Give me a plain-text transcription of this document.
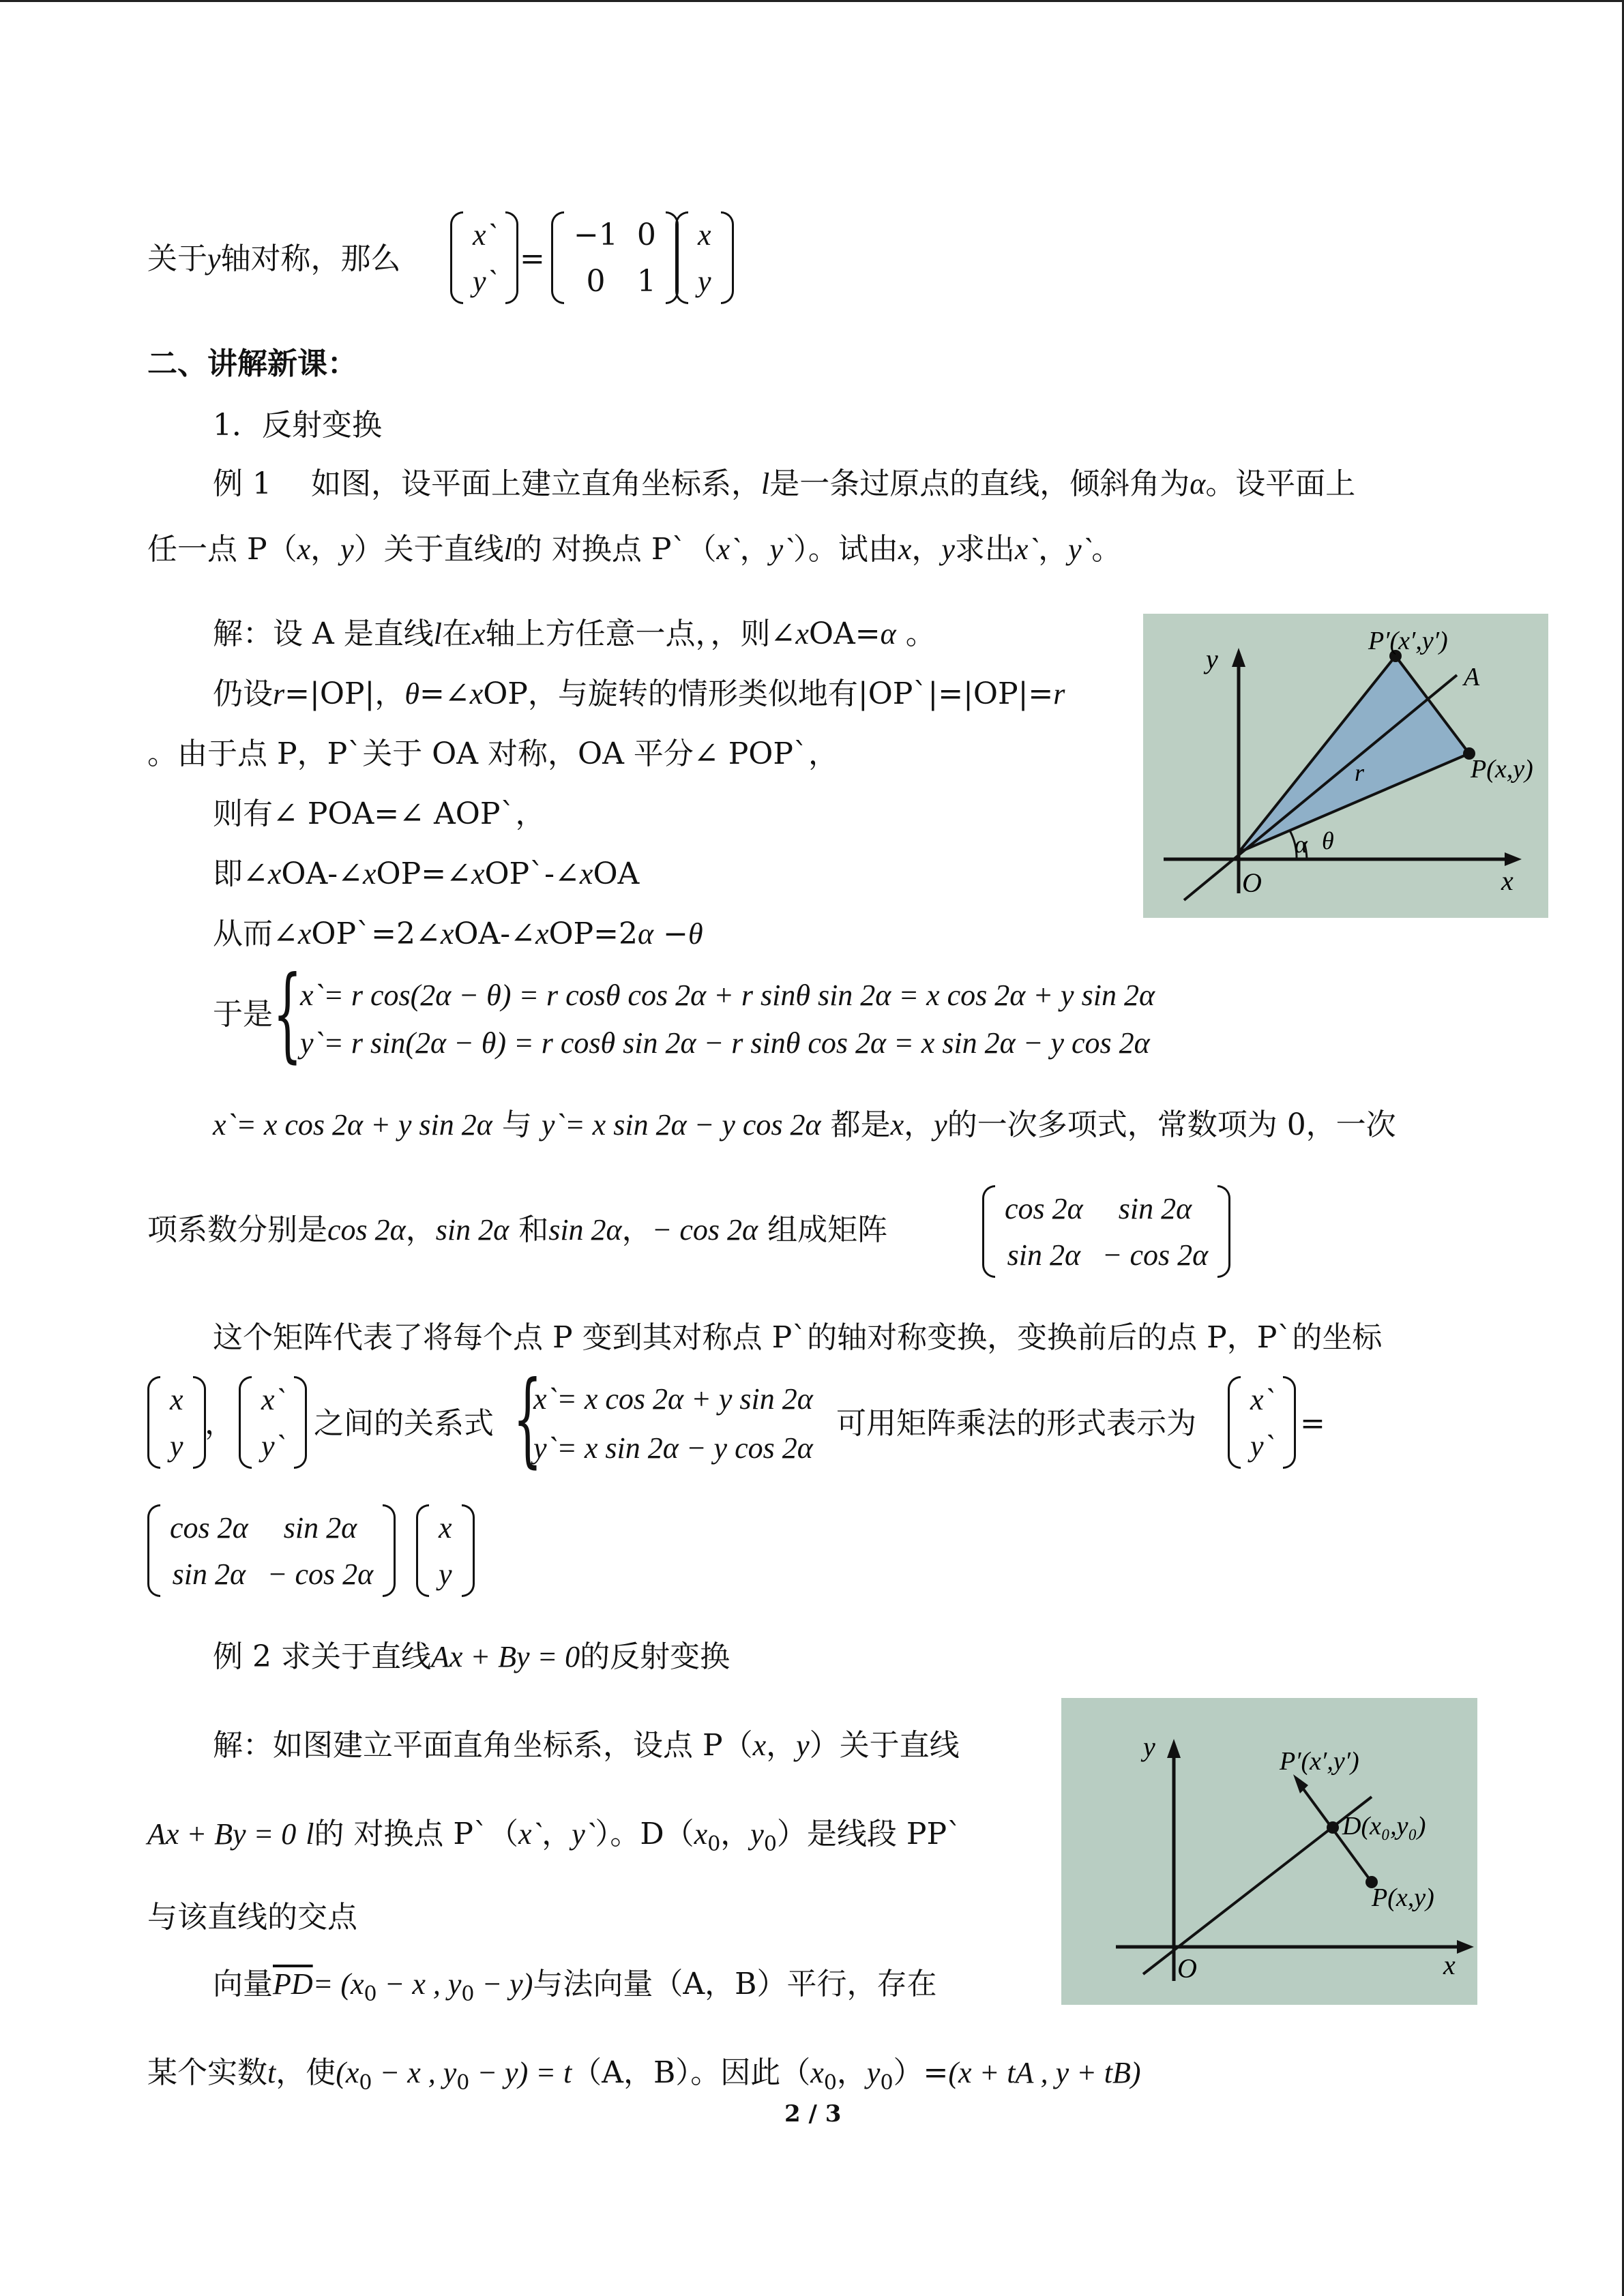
关于y轴对称，那么
x`
y`
=
−1	0
0	1
x
y
二、讲解新课：
1．反射变换
例 1　 如图，设平面上建立直角坐标系，l是一条过原点的直线，倾斜角为α。设平面上
任一点 P（x，y）关于直线l的 对换点 P`（x`，y`）。试由x，y求出x`，y`。
解：设 A 是直线l在x轴上方任意一点，，则∠xOA=α 。
仍设r=|OP|，θ=∠xOP，与旋转的情形类似地有|OP`|=|OP|=r
。由于点 P，P`关于 OA 对称，OA 平分∠ POP`，
则有∠ POA=∠ AOP`，
即∠xOA-∠xOP=∠xOP`-∠xOA
从而∠xOP`=2∠xOA-∠xOP=2α −θ
于是 {
x`= r cos(2α − θ) = r cosθ cos 2α + r sinθ sin 2α = x cos 2α + y sin 2α
y`= r sin(2α − θ) = r cosθ sin 2α − r sinθ cos 2α = x sin 2α − y cos 2α
x`= x cos 2α + y sin 2α 与 y`= x sin 2α − y cos 2α 都是x，y的一次多项式，常数项为 0，一次
项系数分别是cos 2α，sin 2α 和sin 2α，− cos 2α 组成矩阵
cos 2α	sin 2α
sin 2α	− cos 2α
这个矩阵代表了将每个点 P 变到其对称点 P`的轴对称变换，变换前后的点 P，P`的坐标
x
y
，
x`
y`
之间的关系式 {
x`= x cos 2α + y sin 2α
y`= x sin 2α − y cos 2α
可用矩阵乘法的形式表示为
x`
y`
=
cos 2α	sin 2α
sin 2α	− cos 2α
x
y
例 2 求关于直线Ax + By = 0的反射变换
解：如图建立平面直角坐标系，设点 P（x，y）关于直线
Ax + By = 0 l的 对换点 P`（x`，y`）。$D(x_0$，$y_0$）是线段 PP`
与该直线的交点
向量$\overline{PD}= (x_0 - x$ , $y_0 - y$)与法向量（A，B）平行，存在
某个实数t，使($x_0 - x$ , $y_0 - y) = t(A$，B）。因此（$x_0$，$y_0)=(x$ + tA , y + tB)
y
x
O
P′(x′,y′)
A
P(x,y)
r
α θ
y
x
O
P′(x′,y′)
D(x₀,y₀)
P(x,y)
2 / 3
